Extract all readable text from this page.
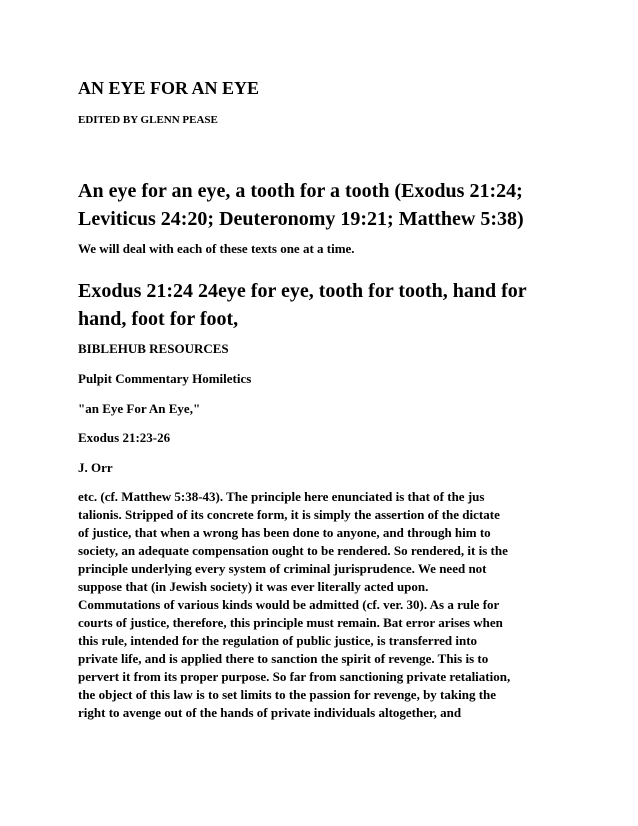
AN EYE FOR AN EYE
EDITED BY GLENN PEASE
An eye for an eye, a tooth for a tooth (Exodus 21:24;
Leviticus 24:20; Deuteronomy 19:21; Matthew 5:38)
We will deal with each of these texts one at a time.
Exodus 21:24 24eye for eye, tooth for tooth, hand for
hand, foot for foot,
BIBLEHUB RESOURCES
Pulpit Commentary Homiletics
"an Eye For An Eye,"
Exodus 21:23-26
J. Orr
etc. (cf. Matthew 5:38-43). The principle here enunciated is that of the jus
talionis. Stripped of its concrete form, it is simply the assertion of the dictate
of justice, that when a wrong has been done to anyone, and through him to
society, an adequate compensation ought to be rendered. So rendered, it is the
principle underlying every system of criminal jurisprudence. We need not
suppose that (in Jewish society) it was ever literally acted upon.
Commutations of various kinds would be admitted (cf. ver. 30). As a rule for
courts of justice, therefore, this principle must remain. Bat error arises when
this rule, intended for the regulation of public justice, is transferred into
private life, and is applied there to sanction the spirit of revenge. This is to
pervert it from its proper purpose. So far from sanctioning private retaliation,
the object of this law is to set limits to the passion for revenge, by taking the
right to avenge out of the hands of private individuals altogether, and
